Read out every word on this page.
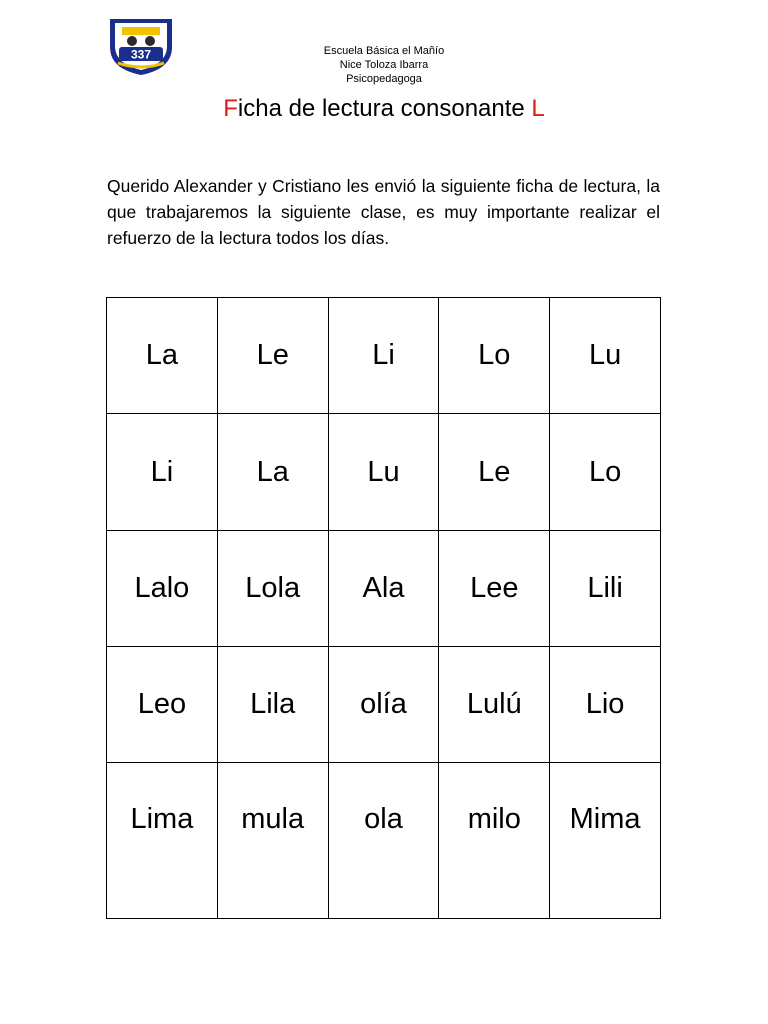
337	Escuela Básica el Mañío
Nice Toloza Ibarra
Psicopedagoga
Ficha de lectura consonante L
Querido Alexander y Cristiano les envió la siguiente ficha de lectura, la que trabajaremos la siguiente clase, es muy importante realizar el refuerzo de la lectura todos los días.
La	Le	Li	Lo	Lu
Li	La	Lu	Le	Lo
Lalo	Lola	Ala	Lee	Lili
Leo	Lila	olía	Lulú	Lio
Lima	mula	ola	milo	Mima
